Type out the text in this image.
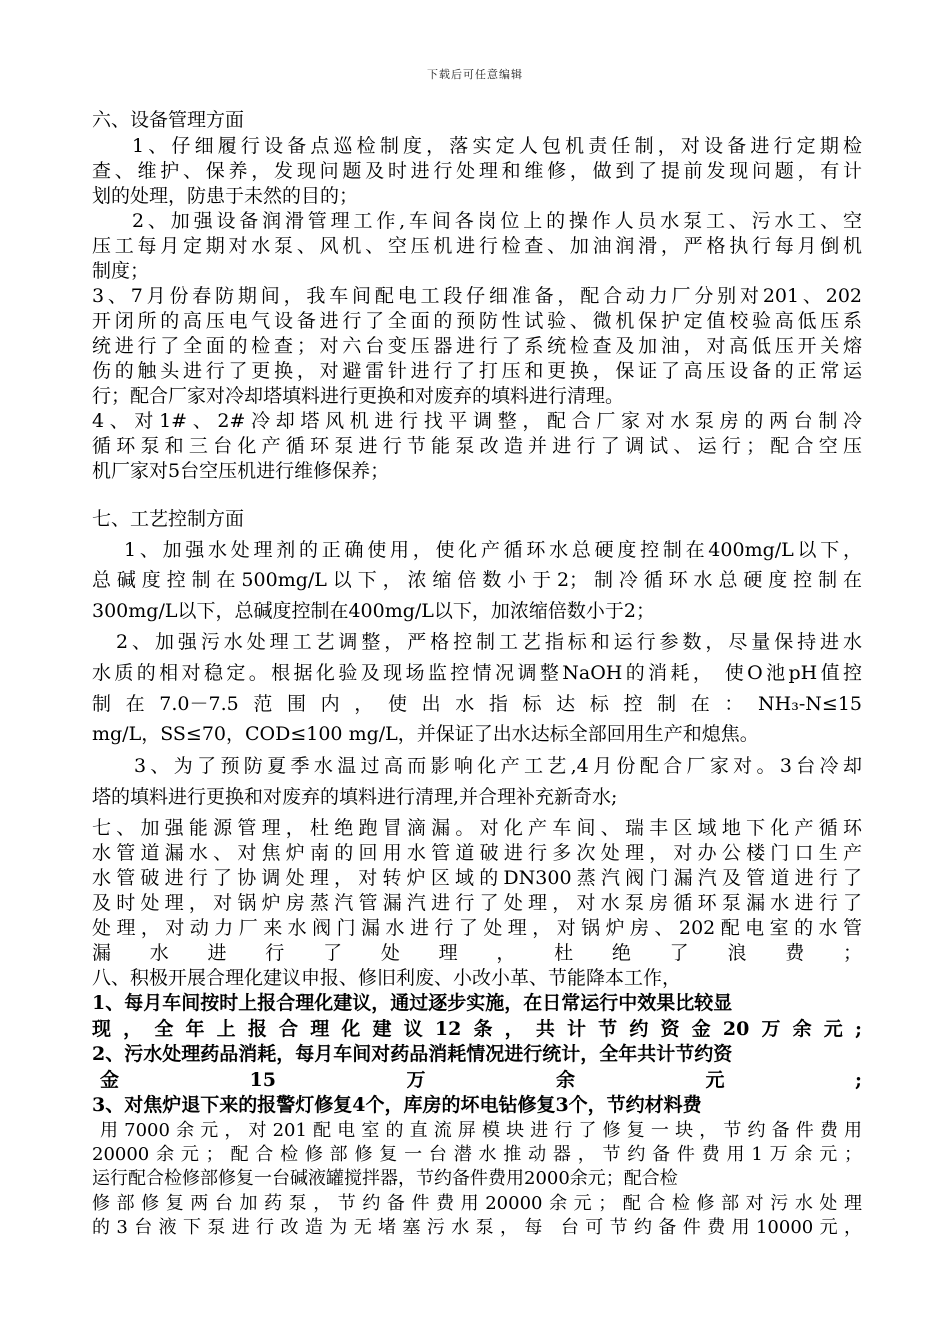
下载后可任意编辑
六、设备管理方面
1、仔细履行设备点巡检制度，落实定人包机责任制，对设备进行定期检
查、维护、保养，发现问题及时进行处理和维修，做到了提前发现问题，有计
划的处理，防患于未然的目的；
2、加强设备润滑管理工作,车间各岗位上的操作人员水泵工、污水工、空
压工每月定期对水泵、风机、空压机进行检查、加油润滑，严格执行每月倒机
制度；
3、7月份春防期间，我车间配电工段仔细准备，配合动力厂分别对201、202
开闭所的高压电气设备进行了全面的预防性试验、微机保护定值校验高低压系
统进行了全面的检查；对六台变压器进行了系统检查及加油，对高低压开关熔
伤的触头进行了更换，对避雷针进行了打压和更换，保证了高压设备的正常运
行；配合厂家对冷却塔填料进行更换和对废弃的填料进行清理。
4、对1#、2#冷却塔风机进行找平调整，配合厂家对水泵房的两台制冷
循环泵和三台化产循环泵进行节能泵改造并进行了调试、运行；配合空压
机厂家对5台空压机进行维修保养；
七、工艺控制方面
1、加强水处理剂的正确使用，使化产循环水总硬度控制在400mg/L以下，
总碱度控制在500mg/L以下，浓缩倍数小于2；制冷循环水总硬度控制在
300mg/L以下，总碱度控制在400mg/L以下，加浓缩倍数小于2；
2、加强污水处理工艺调整，严格控制工艺指标和运行参数，尽量保持进水
水质的相对稳定。根据化验及现场监控情况调整NaOH的消耗， 使O池pH值控
制在7.0－7.5范围内，使出水指标达标控制在：NH₃-N≤15
mg/L，SS≤70，COD≤100 mg/L，并保证了出水达标全部回用生产和熄焦。
3、为了预防夏季水温过高而影响化产工艺,4月份配合厂家对。3台冷却
塔的填料进行更换和对废弃的填料进行清理,并合理补充新奇水;
七、加强能源管理，杜绝跑冒滴漏。对化产车间、瑞丰区域地下化产循环
水管道漏水、对焦炉南的回用水管道破进行多次处理，对办公楼门口生产
水管破进行了协调处理，对转炉区域的DN300蒸汽阀门漏汽及管道进行了
及时处理，对锅炉房蒸汽管漏汽进行了处理，对水泵房循环泵漏水进行了
处理，对动力厂来水阀门漏水进行了处理，对锅炉房、202配电室的水管
漏水进行了处理，杜绝了浪费；
八、积极开展合理化建议申报、修旧利废、小改小革、节能降本工作，
1、每月车间按时上报合理化建议，通过逐步实施，在日常运行中效果比较显
现，全年上报合理化建议12条，共计节约资金20万余元;
2、污水处理药品消耗，每月车间对药品消耗情况进行统计，全年共计节约资
金15万余元;
3、对焦炉退下来的报警灯修复4个，库房的坏电钻修复3个，节约材料费
用7000余元，对201配电室的直流屏模块进行了修复一块，节约备件费用
20000余元；配合检修部修复一台潜水推动器，节约备件费用1万余元；
运行配合检修部修复一台碱液罐搅拌器，节约备件费用2000余元；配合检
修部修复两台加药泵，节约备件费用20000余元；配合检修部对污水处理
的3台液下泵进行改造为无堵塞污水泵，每 台可节约备件费用10000元，
